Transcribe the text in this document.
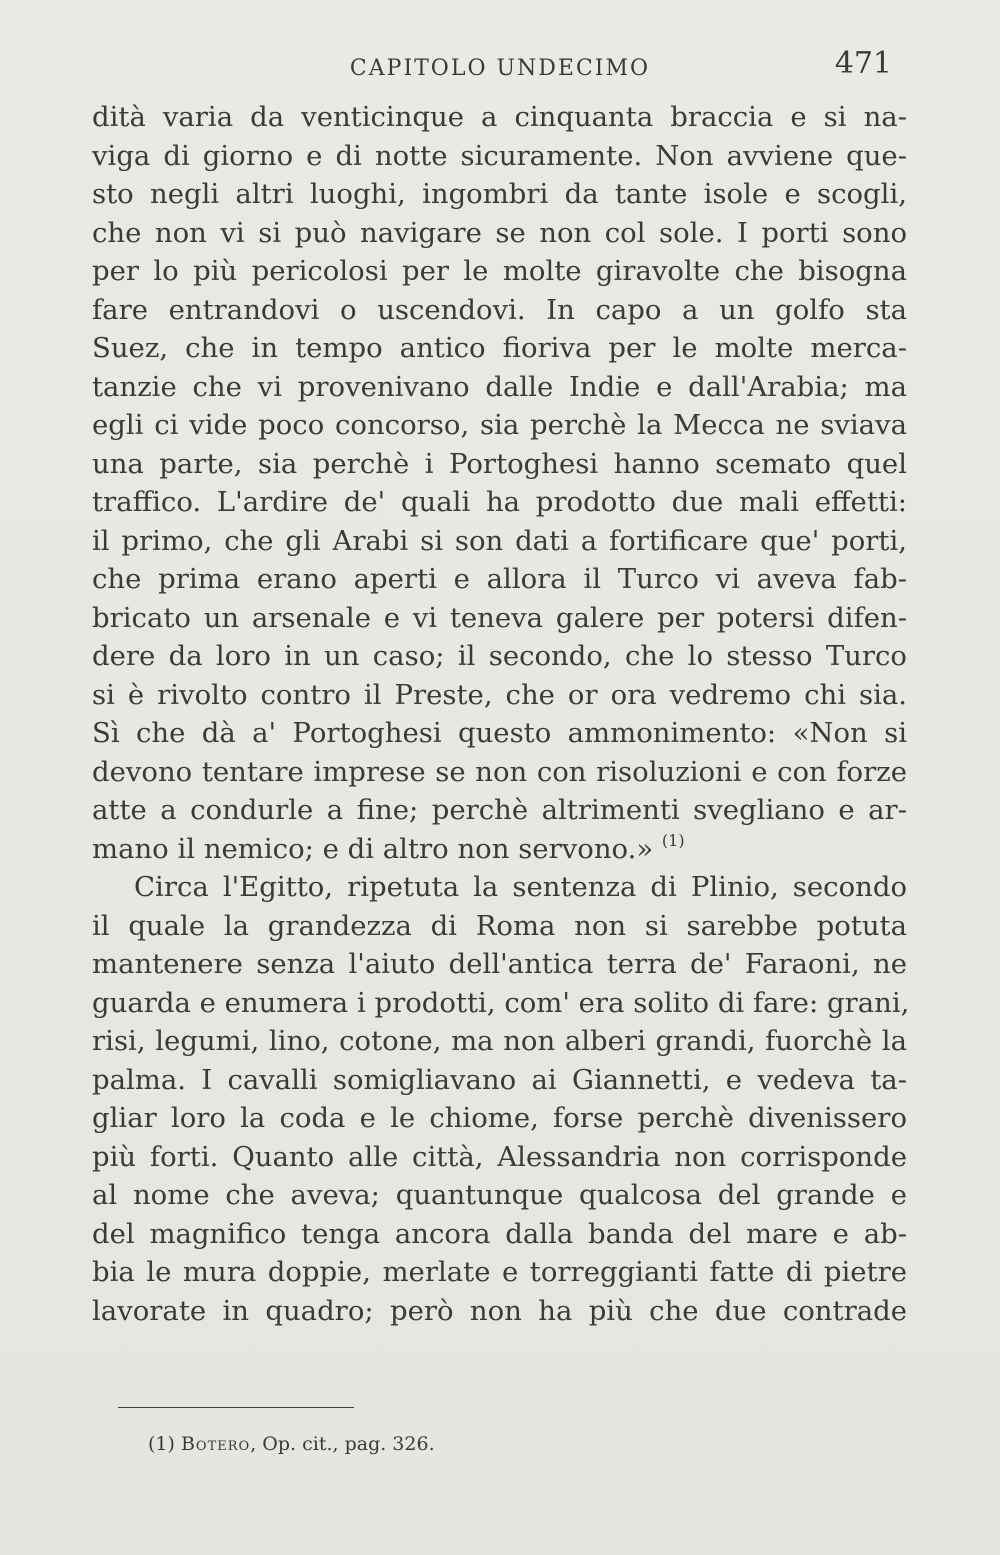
CAPITOLO UNDECIMO	471
dità varia da venticinque a cinquanta braccia e si na-
viga di giorno e di notte sicuramente. Non avviene que-
sto negli altri luoghi, ingombri da tante isole e scogli,
che non vi si può navigare se non col sole. I porti sono
per lo più pericolosi per le molte giravolte che bisogna
fare entrandovi o uscendovi. In capo a un golfo sta
Suez, che in tempo antico fioriva per le molte merca-
tanzie che vi provenivano dalle Indie e dall'Arabia; ma
egli ci vide poco concorso, sia perchè la Mecca ne sviava
una parte, sia perchè i Portoghesi hanno scemato quel
traffico. L'ardire de' quali ha prodotto due mali effetti:
il primo, che gli Arabi si son dati a fortificare que' porti,
che prima erano aperti e allora il Turco vi aveva fab-
bricato un arsenale e vi teneva galere per potersi difen-
dere da loro in un caso; il secondo, che lo stesso Turco
si è rivolto contro il Preste, che or ora vedremo chi sia.
Sì che dà a' Portoghesi questo ammonimento: «Non si
devono tentare imprese se non con risoluzioni e con forze
atte a condurle a fine; perchè altrimenti svegliano e ar-
mano il nemico; e di altro non servono.» $^{(1)}$
Circa l'Egitto, ripetuta la sentenza di Plinio, secondo
il quale la grandezza di Roma non si sarebbe potuta
mantenere senza l'aiuto dell'antica terra de' Faraoni, ne
guarda e enumera i prodotti, com' era solito di fare: grani,
risi, legumi, lino, cotone, ma non alberi grandi, fuorchè la
palma. I cavalli somigliavano ai Giannetti, e vedeva ta-
gliar loro la coda e le chiome, forse perchè divenissero
più forti. Quanto alle città, Alessandria non corrisponde
al nome che aveva; quantunque qualcosa del grande e
del magnifico tenga ancora dalla banda del mare e ab-
bia le mura doppie, merlate e torreggianti fatte di pietre
lavorate in quadro; però non ha più che due contrade
(1) Botero, Op. cit., pag. 326.
